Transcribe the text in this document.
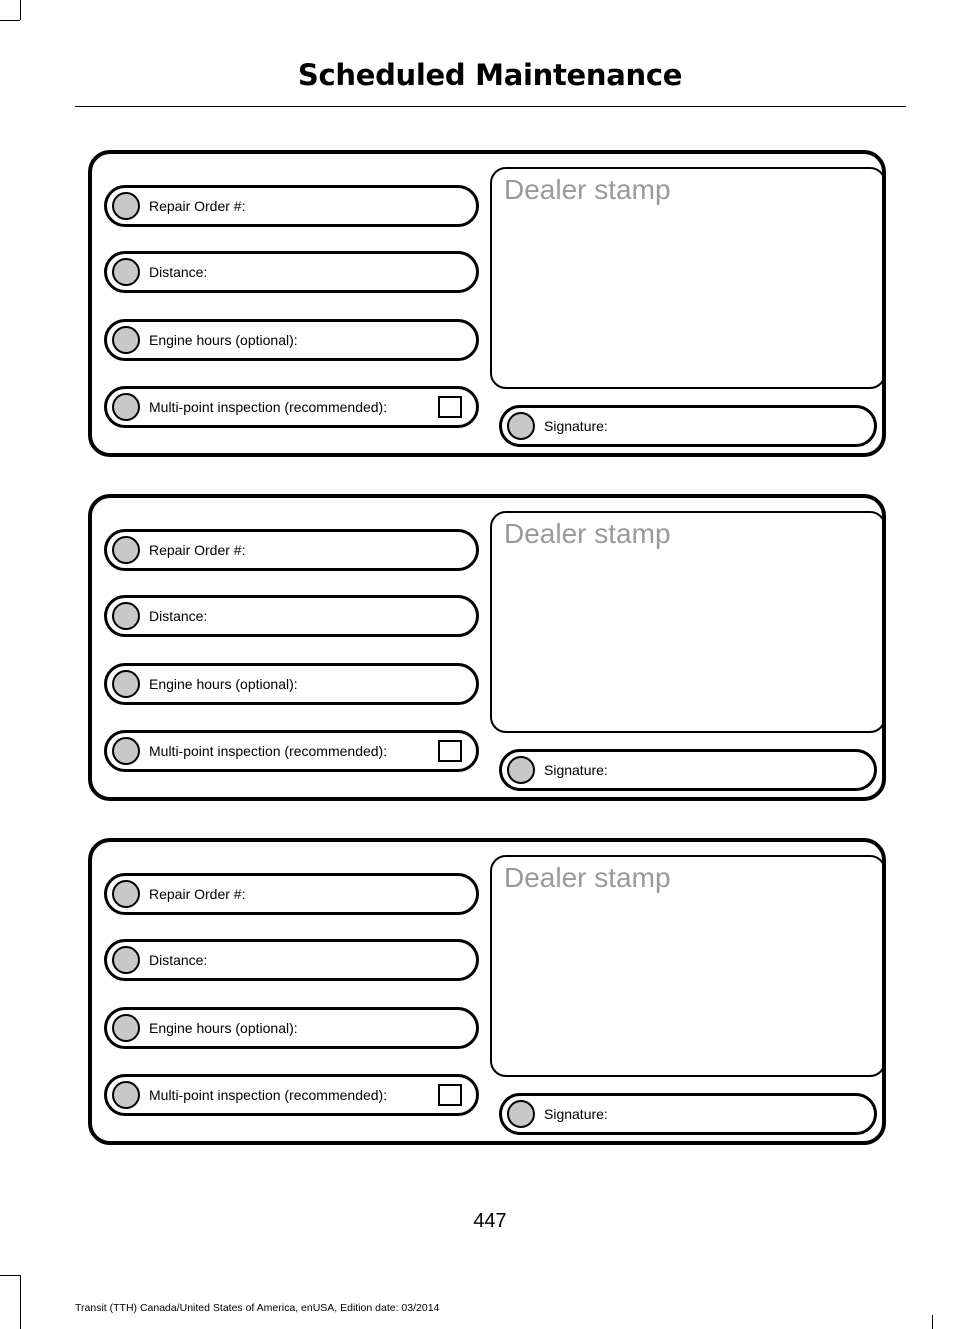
Scheduled Maintenance
Repair Order #:
Distance:
Engine hours (optional):
Multi-point inspection (recommended):
Dealer stamp
Signature:
Repair Order #:
Distance:
Engine hours (optional):
Multi-point inspection (recommended):
Dealer stamp
Signature:
Repair Order #:
Distance:
Engine hours (optional):
Multi-point inspection (recommended):
Dealer stamp
Signature:
447
Transit (TTH) Canada/United States of America, enUSA, Edition date: 03/2014
